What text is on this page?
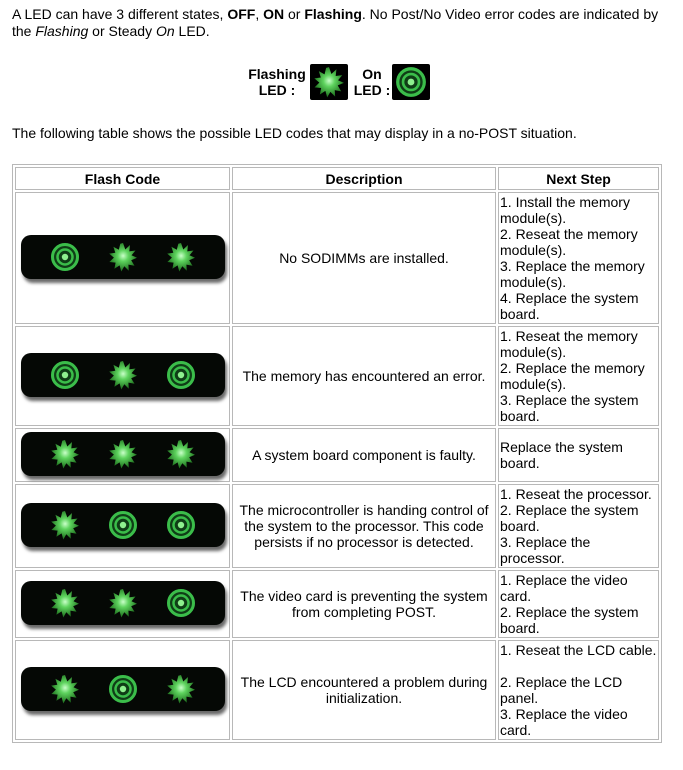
A LED can have 3 different states, OFF, ON or Flashing. No Post/No Video error codes are indicated by the Flashing or Steady On LED.
Flashing
LED :
On
LED :
The following table shows the possible LED codes that may display in a no-POST situation.
Flash Code	Description	Next Step

	No SODIMMs are installed.	1. Install the memory module(s).
2. Reseat the memory module(s).
3. Replace the memory module(s).
4. Replace the system board.

	The memory has encountered an error.	1. Reseat the memory module(s).
2. Replace the memory module(s).
3. Replace the system board.

	A system board component is faulty.	Replace the system board.

	The microcontroller is handing control of the system to the processor. This code persists if no processor is detected.	1. Reseat the processor.
2. Replace the system board.
3. Replace the processor.

	The video card is preventing the system from completing POST.	1. Replace the video card.
2. Replace the system board.

	The LCD encountered a problem during initialization.	1. Reseat the LCD cable.
2. Replace the LCD panel.
3. Replace the video card.
